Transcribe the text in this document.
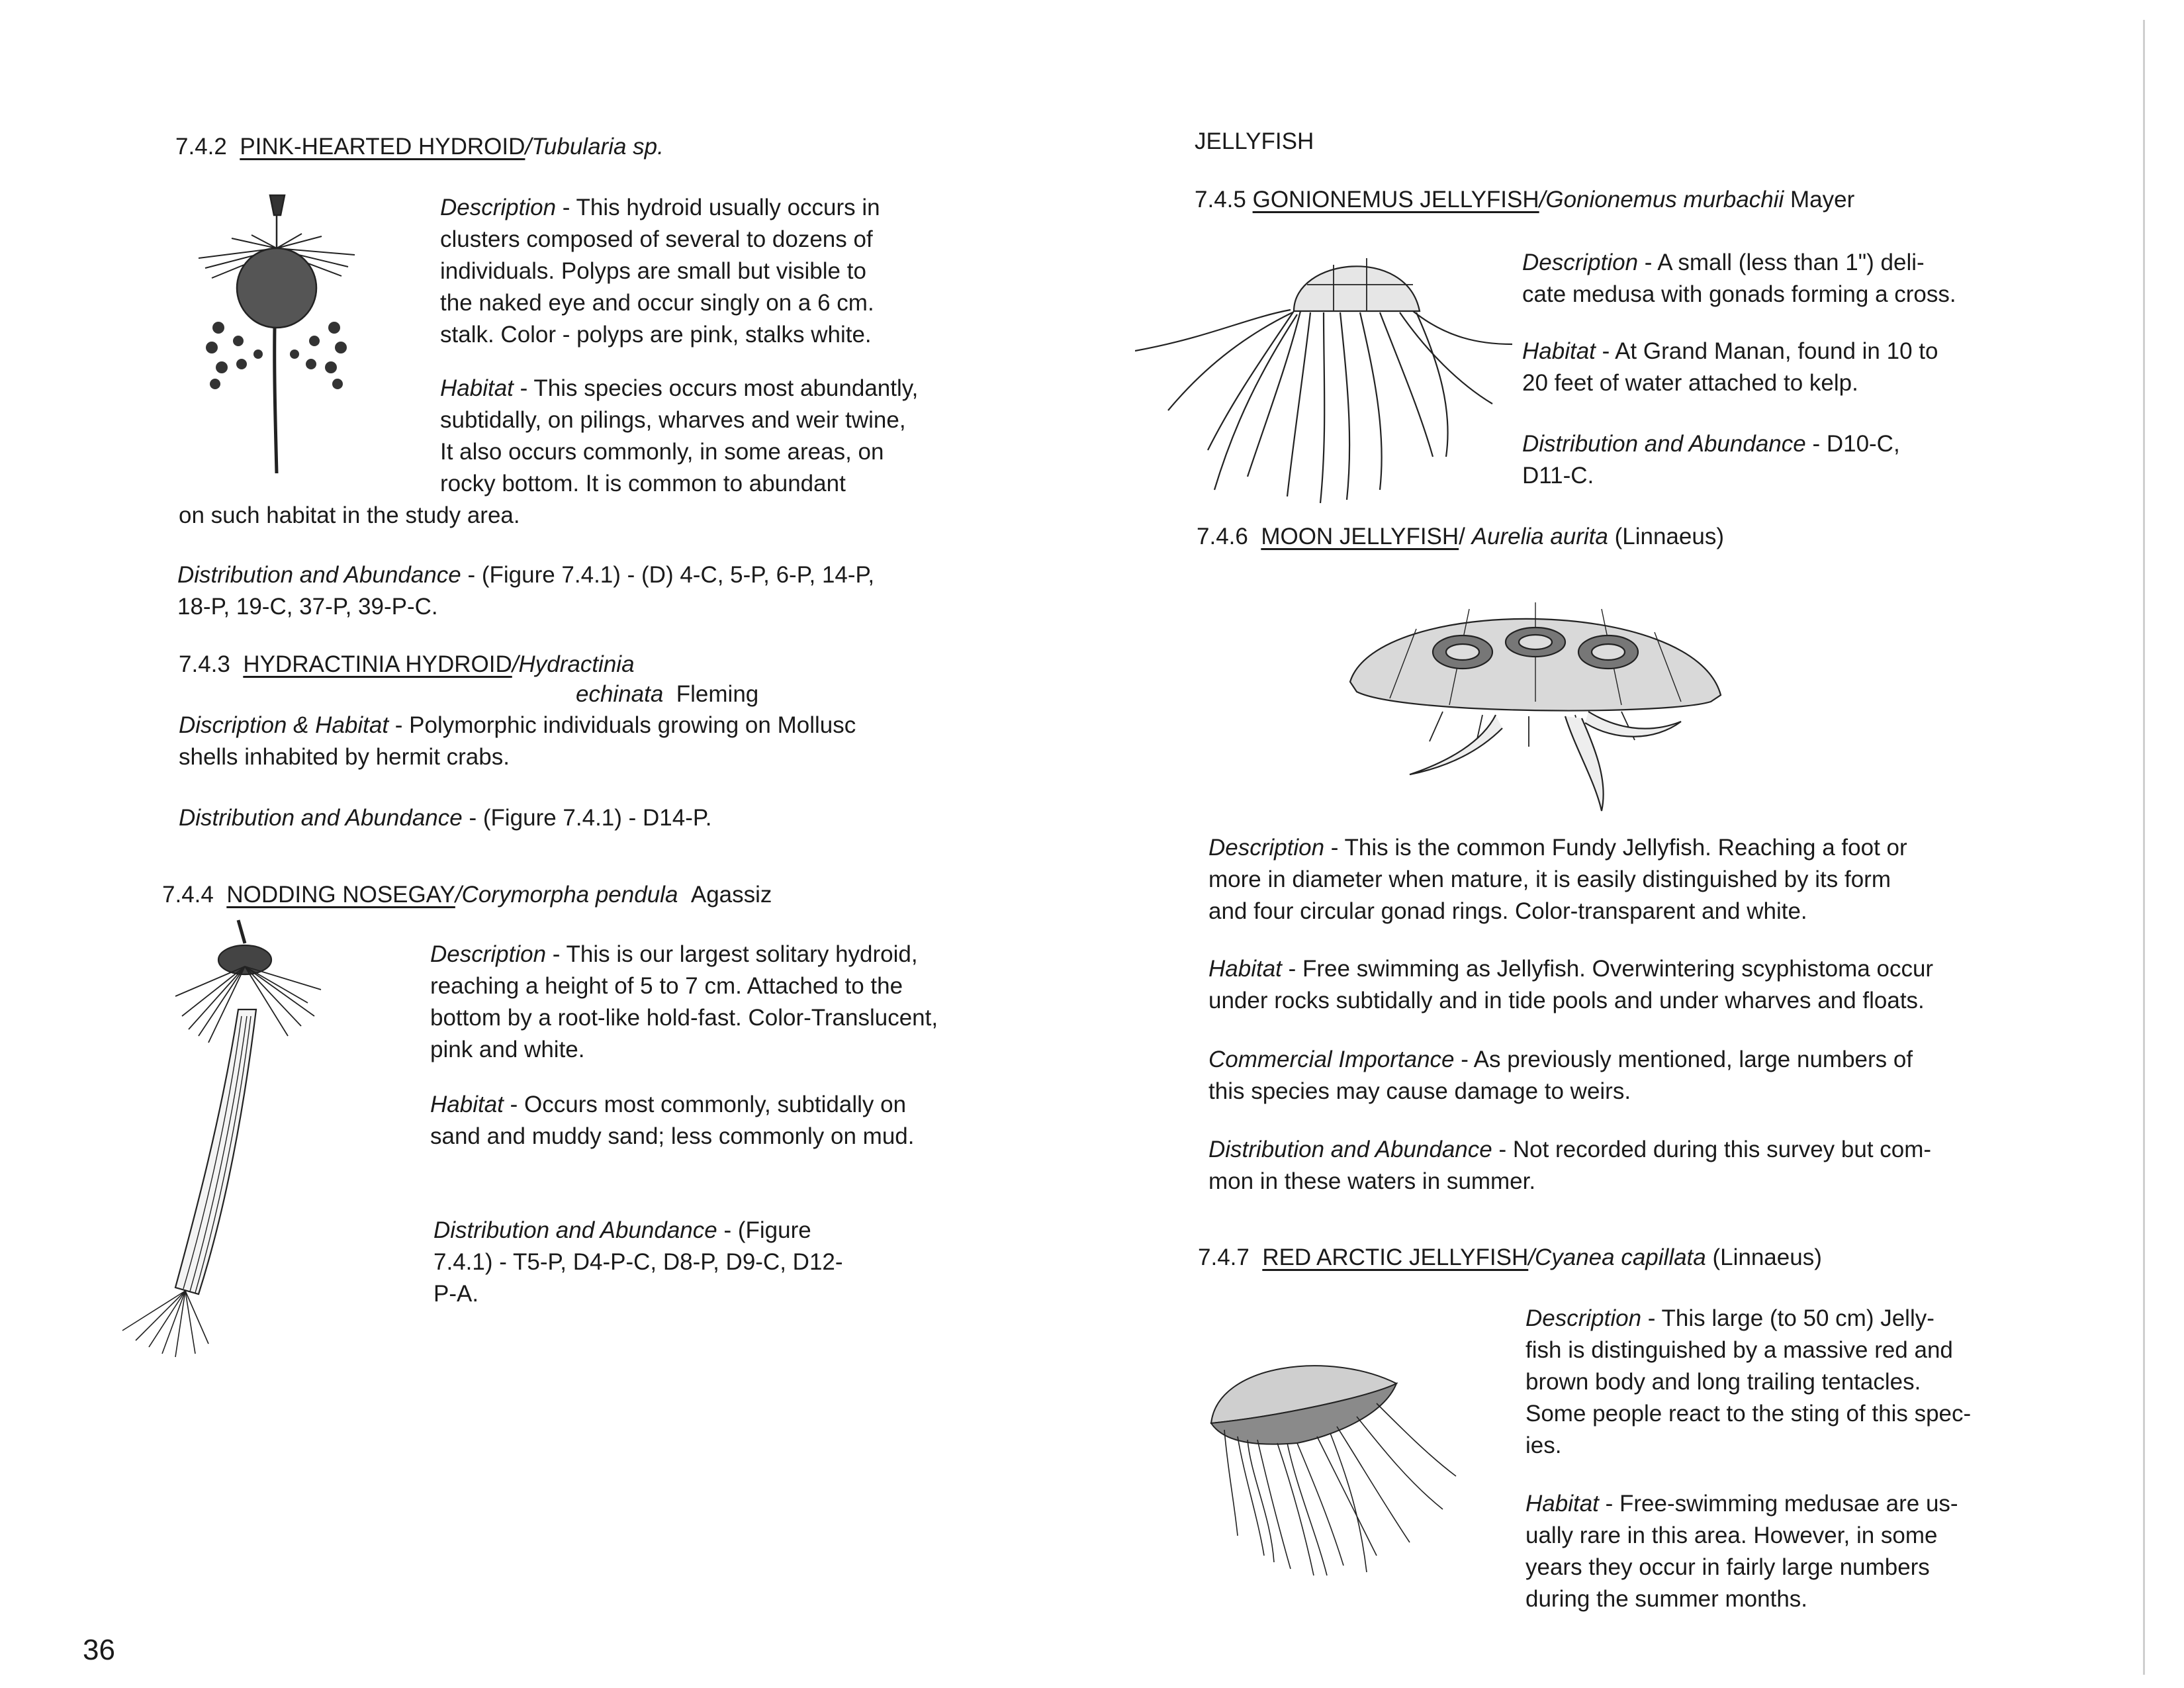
7.4.2 PINK-HEARTED HYDROID/Tubularia sp.
Description - This hydroid usually occurs in
clusters composed of several to dozens of
individuals. Polyps are small but visible to
the naked eye and occur singly on a 6 cm.
stalk. Color - polyps are pink, stalks white.
Habitat - This species occurs most abundantly,
subtidally, on pilings, wharves and weir twine,
It also occurs commonly, in some areas, on
rocky bottom. It is common to abundant
on such habitat in the study area.
Distribution and Abundance - (Figure 7.4.1) - (D) 4-C, 5-P, 6-P, 14-P,
18-P, 19-C, 37-P, 39-P-C.
7.4.3 HYDRACTINIA HYDROID/Hydractinia
echinata Fleming
Discription & Habitat - Polymorphic individuals growing on Mollusc
shells inhabited by hermit crabs.
Distribution and Abundance - (Figure 7.4.1) - D14-P.
7.4.4 NODDING NOSEGAY/Corymorpha pendula Agassiz
Description - This is our largest solitary hydroid,
reaching a height of 5 to 7 cm. Attached to the
bottom by a root-like hold-fast. Color-Translucent,
pink and white.
Habitat - Occurs most commonly, subtidally on
sand and muddy sand; less commonly on mud.
Distribution and Abundance - (Figure
7.4.1) - T5-P, D4-P-C, D8-P, D9-C, D12-
P-A.
36
JELLYFISH
7.4.5 GONIONEMUS JELLYFISH/Gonionemus murbachii Mayer
Description - A small (less than 1") deli-
cate medusa with gonads forming a cross.
Habitat - At Grand Manan, found in 10 to
20 feet of water attached to kelp.
Distribution and Abundance - D10-C,
D11-C.
7.4.6 MOON JELLYFISH/ Aurelia aurita (Linnaeus)
Description - This is the common Fundy Jellyfish. Reaching a foot or
more in diameter when mature, it is easily distinguished by its form
and four circular gonad rings. Color-transparent and white.
Habitat - Free swimming as Jellyfish. Overwintering scyphistoma occur
under rocks subtidally and in tide pools and under wharves and floats.
Commercial Importance - As previously mentioned, large numbers of
this species may cause damage to weirs.
Distribution and Abundance - Not recorded during this survey but com-
mon in these waters in summer.
7.4.7 RED ARCTIC JELLYFISH/Cyanea capillata (Linnaeus)
Description - This large (to 50 cm) Jelly-
fish is distinguished by a massive red and
brown body and long trailing tentacles.
Some people react to the sting of this spec-
ies.
Habitat - Free-swimming medusae are us-
ually rare in this area. However, in some
years they occur in fairly large numbers
during the summer months.
